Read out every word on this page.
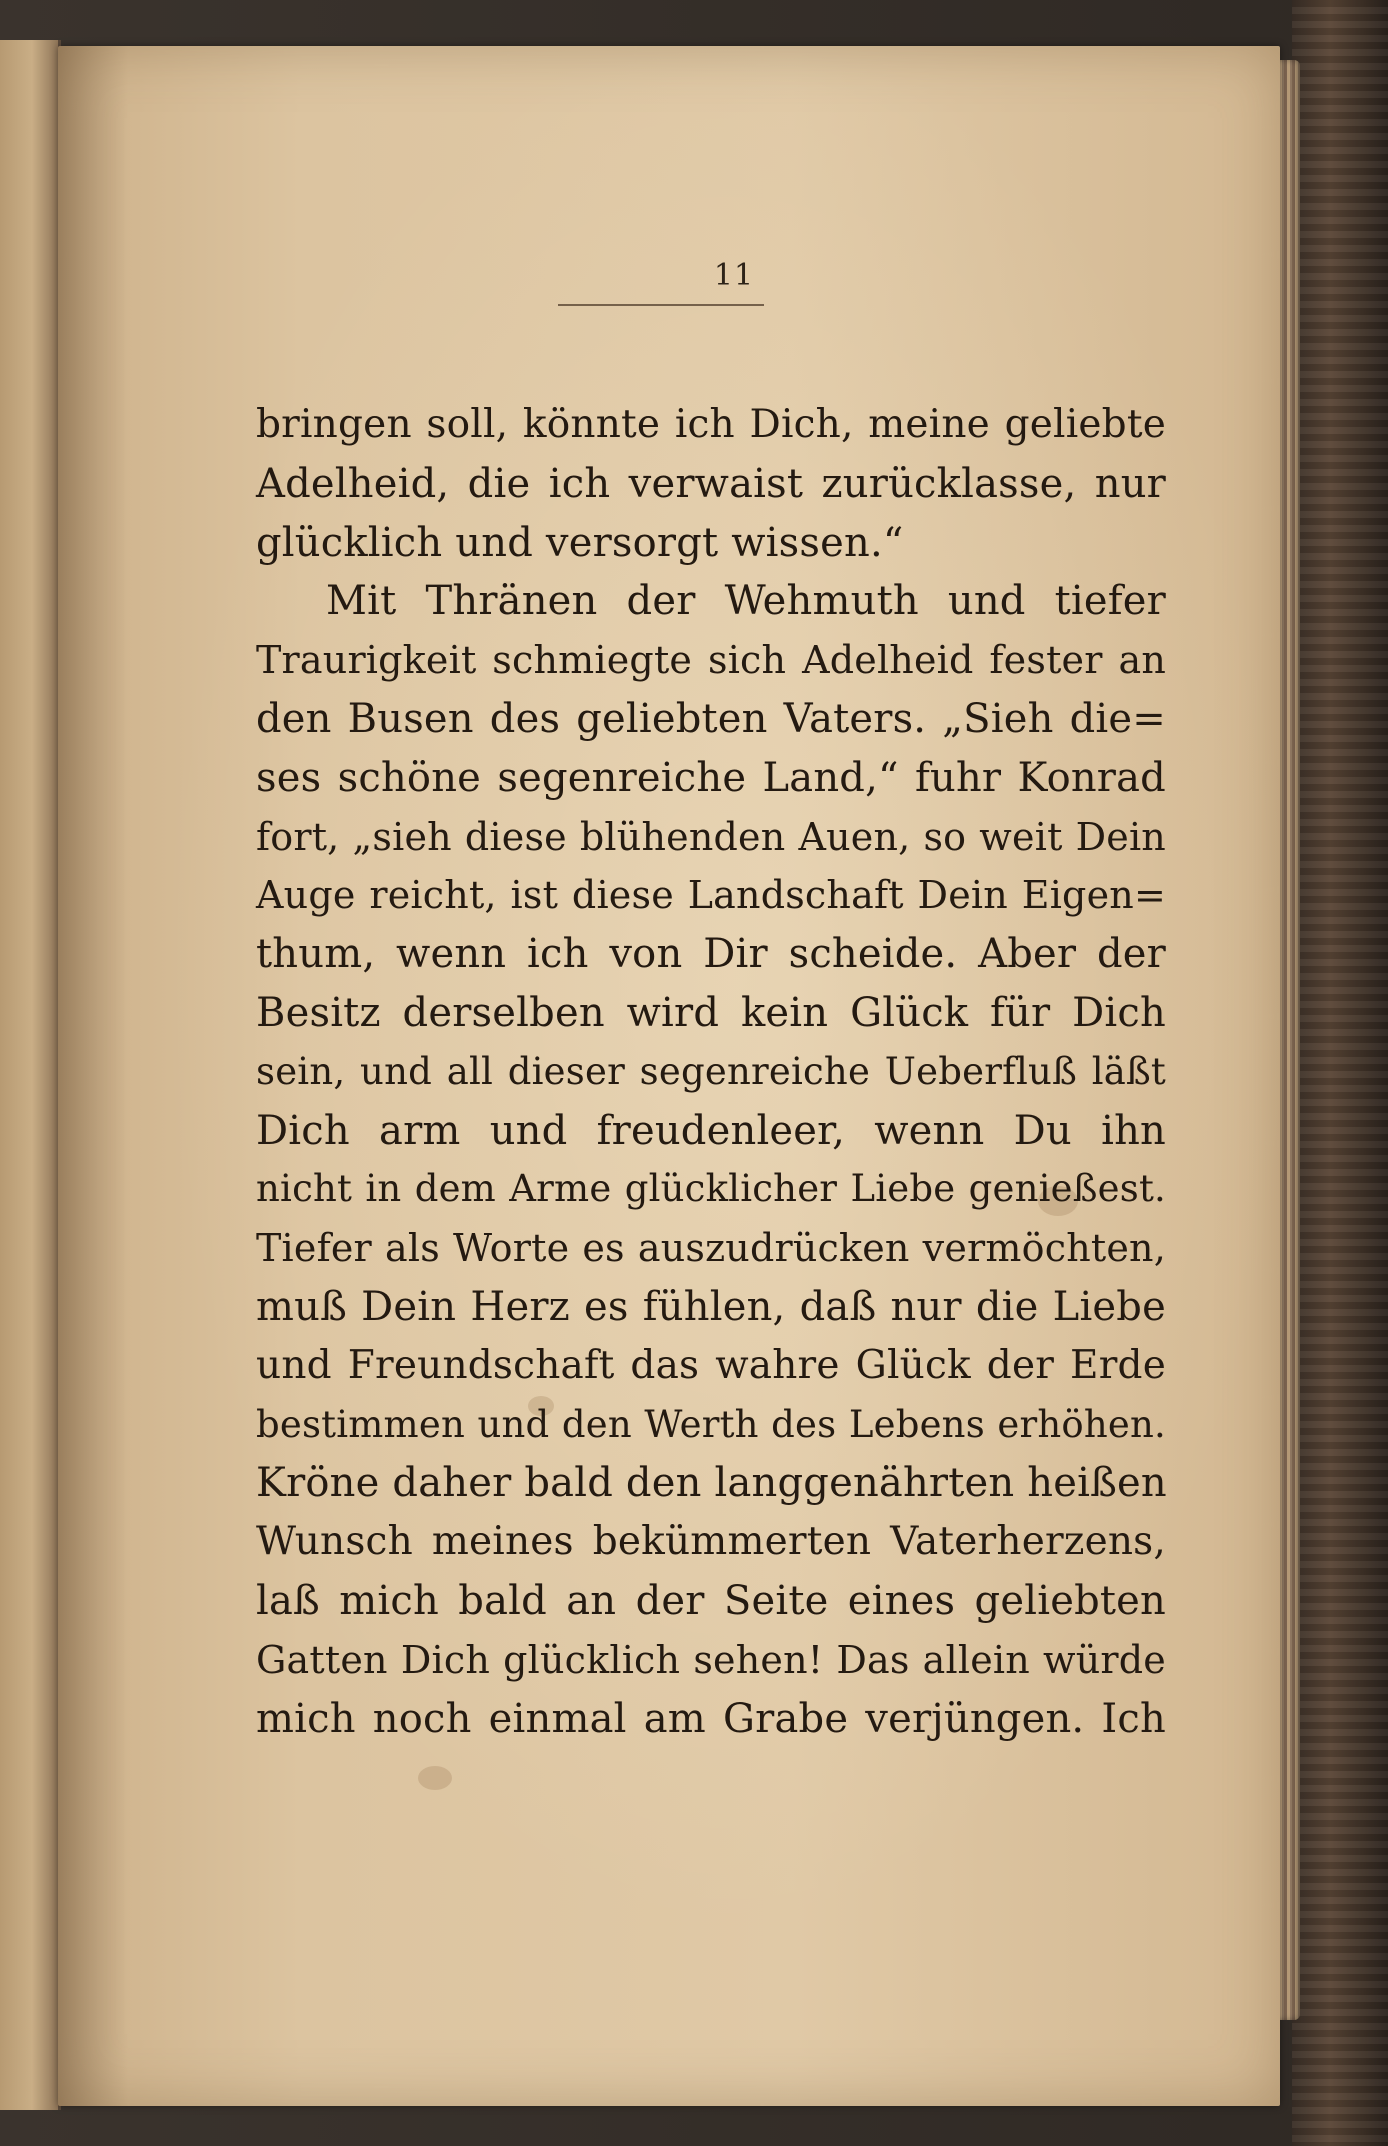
11
bringen soll, könnte ich Dich, meine geliebte
Adelheid, die ich verwaist zurücklasse, nur
glücklich und versorgt wissen.“
Mit Thränen der Wehmuth und tiefer
Traurigkeit schmiegte sich Adelheid fester an
den Busen des geliebten Vaters. „Sieh die=
ses schöne segenreiche Land,“ fuhr Konrad
fort, „sieh diese blühenden Auen, so weit Dein
Auge reicht, ist diese Landschaft Dein Eigen=
thum, wenn ich von Dir scheide. Aber der
Besitz derselben wird kein Glück für Dich
sein, und all dieser segenreiche Ueberfluß läßt
Dich arm und freudenleer, wenn Du ihn
nicht in dem Arme glücklicher Liebe genießest.
Tiefer als Worte es auszudrücken vermöchten,
muß Dein Herz es fühlen, daß nur die Liebe
und Freundschaft das wahre Glück der Erde
bestimmen und den Werth des Lebens erhöhen.
Kröne daher bald den langgenährten heißen
Wunsch meines bekümmerten Vaterherzens,
laß mich bald an der Seite eines geliebten
Gatten Dich glücklich sehen! Das allein würde
mich noch einmal am Grabe verjüngen. Ich
